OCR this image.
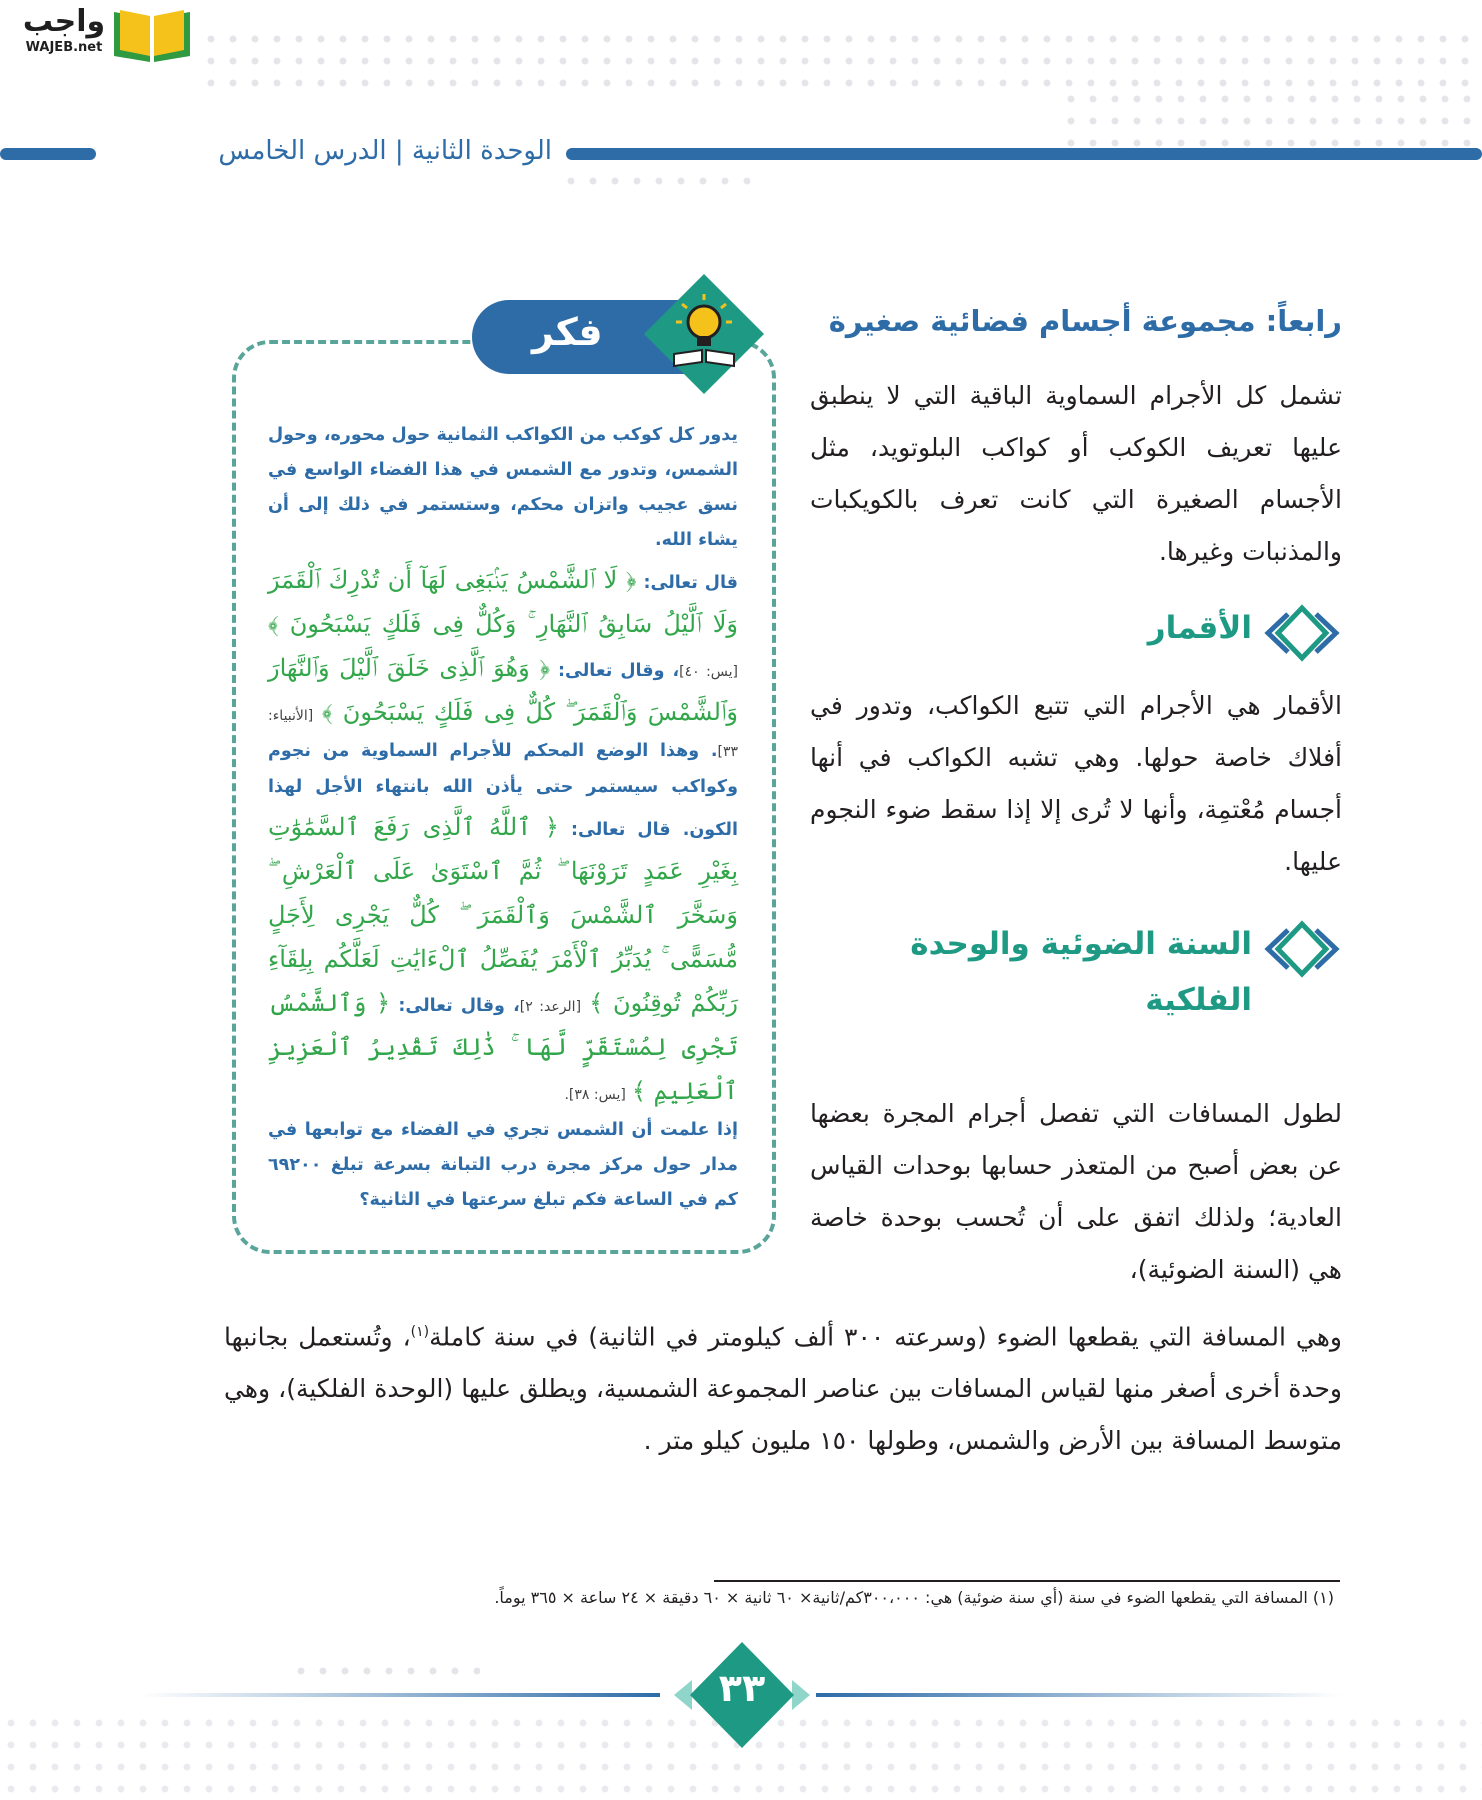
واجب
WAJEB.net
الوحدة الثانية | الدرس الخامس
رابعاً: مجموعة أجسام فضائية صغيرة
تشمل كل الأجرام السماوية الباقية التي لا ينطبق عليها تعريف الكوكب أو كواكب البلوتويد، مثل الأجسام الصغيرة التي كانت تعرف بالكويكبات والمذنبات وغيرها.
الأقمار
الأقمار هي الأجرام التي تتبع الكواكب، وتدور في أفلاك خاصة حولها. وهي تشبه الكواكب في أنها أجسام مُعْتمِة، وأنها لا تُرى إلا إذا سقط ضوء النجوم عليها.
السنة الضوئية والوحدة
الفلكية
لطول المسافات التي تفصل أجرام المجرة بعضها عن بعض أصبح من المتعذر حسابها بوحدات القياس العادية؛ ولذلك اتفق على أن تُحسب بوحدة خاصة هي (السنة الضوئية)،
وهي المسافة التي يقطعها الضوء (وسرعته ٣٠٠ ألف كيلومتر في الثانية) في سنة كاملة$^{(١)}$، وتُستعمل بجانبها وحدة أخرى أصغر منها لقياس المسافات بين عناصر المجموعة الشمسية، ويطلق عليها (الوحدة الفلكية)، وهي متوسط المسافة بين الأرض والشمس، وطولها ١٥٠ مليون كيلو متر .
فكر
يدور كل كوكب من الكواكب الثمانية حول محوره، وحول الشمس، وتدور مع الشمس في هذا الفضاء الواسع في نسق عجيب واتزان محكم، وستستمر في ذلك إلى أن يشاء الله.
قال تعالى: ﴿ لَا ٱلشَّمْسُ يَنۢبَغِى لَهَآ أَن تُدْرِكَ ٱلْقَمَرَ وَلَا ٱلَّيْلُ سَابِقُ ٱلنَّهَارِ ۚ وَكُلٌّ فِى فَلَكٍ يَسْبَحُونَ ﴾ [يس: ٤٠]، وقال تعالى: ﴿ وَهُوَ ٱلَّذِى خَلَقَ ٱلَّيْلَ وَٱلنَّهَارَ وَٱلشَّمْسَ وَٱلْقَمَرَ ۖ كُلٌّ فِى فَلَكٍ يَسْبَحُونَ ﴾ [الأنبياء: ٣٣]. وهذا الوضع المحكم للأجرام السماوية من نجوم وكواكب سيستمر حتى يأذن الله بانتهاء الأجل لهذا الكون. قال تعالى: ﴿ ٱللَّهُ ٱلَّذِى رَفَعَ ٱلسَّمَٰوَٰتِ بِغَيْرِ عَمَدٍ تَرَوْنَهَا ۖ ثُمَّ ٱسْتَوَىٰ عَلَى ٱلْعَرْشِ ۖ وَسَخَّرَ ٱلشَّمْسَ وَٱلْقَمَرَ ۖ كُلٌّ يَجْرِى لِأَجَلٍ مُّسَمًّى ۚ يُدَبِّرُ ٱلْأَمْرَ يُفَصِّلُ ٱلْءَايَٰتِ لَعَلَّكُم بِلِقَآءِ رَبِّكُمْ تُوقِنُونَ ﴾ [الرعد: ٢]، وقال تعالى: ﴿ وَٱلشَّمْسُ تَجْرِى لِمُسْتَقَرٍّ لَّهَا ۚ ذَٰلِكَ تَقْدِيرُ ٱلْعَزِيزِ ٱلْعَلِيمِ ﴾ [يس: ٣٨].
إذا علمت أن الشمس تجري في الفضاء مع توابعها في مدار حول مركز مجرة درب التبانة بسرعة تبلغ ٦٩٢٠٠ كم في الساعة فكم تبلغ سرعتها في الثانية؟
(١) المسافة التي يقطعها الضوء في سنة (أي سنة ضوئية) هي: ٣٠٠،٠٠٠كم/ثانية× ٦٠ ثانية × ٦٠ دقيقة × ٢٤ ساعة × ٣٦٥ يوماً.
٣٣
